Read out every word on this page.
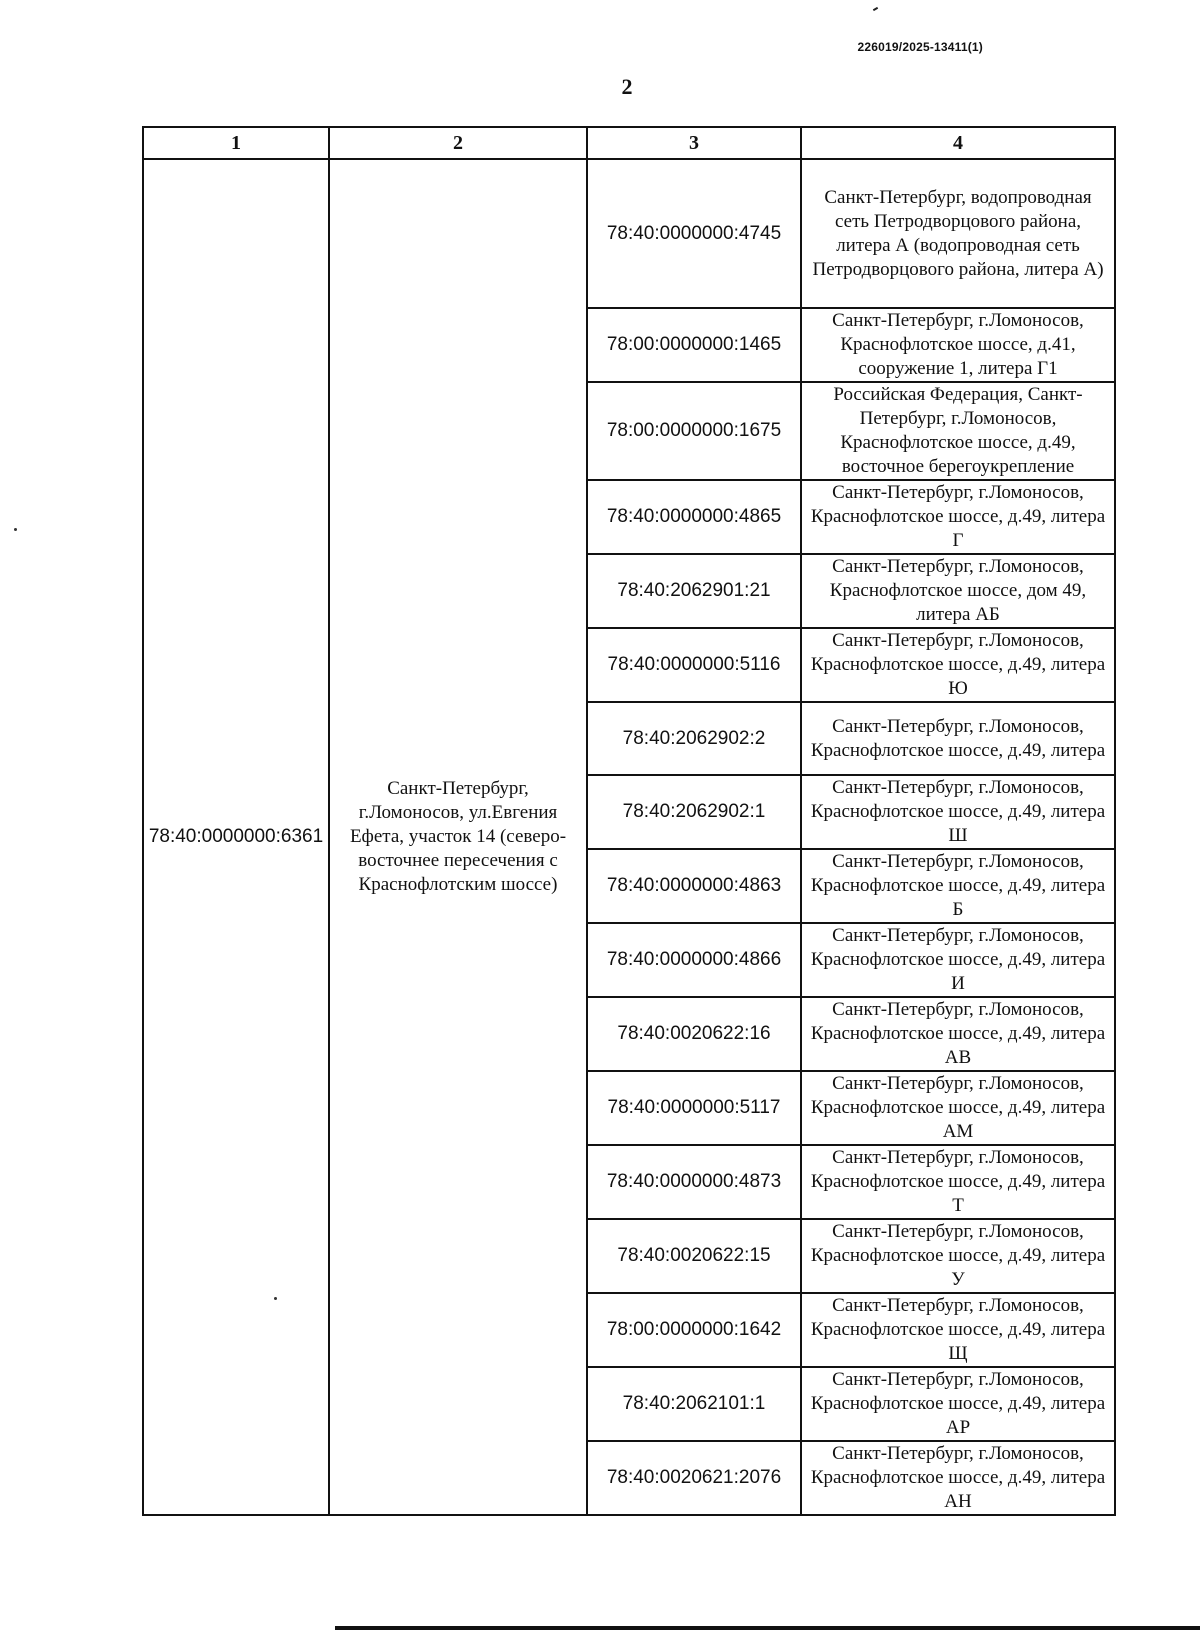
226019/2025-13411(1)
2
1	2	3	4
78:40:0000000:6361	Санкт-Петербург, г.Ломоносов, ул.Евгения Ефета, участок 14 (северо-восточнее пересечения с Краснофлотским шоссе)	78:40:0000000:4745	Санкт-Петербург, водопроводная сеть Петродворцового района, литера А (водопроводная сеть Петродворцового района, литера А)
		78:00:0000000:1465	Санкт-Петербург, г.Ломоносов, Краснофлотское шоссе, д.41, сооружение 1, литера Г1
		78:00:0000000:1675	Российская Федерация, Санкт-Петербург, г.Ломоносов, Краснофлотское шоссе, д.49, восточное берегоукрепление
		78:40:0000000:4865	Санкт-Петербург, г.Ломоносов, Краснофлотское шоссе, д.49, литера Г
		78:40:2062901:21	Санкт-Петербург, г.Ломоносов, Краснофлотское шоссе, дом 49, литера АБ
		78:40:0000000:5116	Санкт-Петербург, г.Ломоносов, Краснофлотское шоссе, д.49, литера Ю
		78:40:2062902:2	Санкт-Петербург, г.Ломоносов, Краснофлотское шоссе, д.49, литера
		78:40:2062902:1	Санкт-Петербург, г.Ломоносов, Краснофлотское шоссе, д.49, литера Ш
		78:40:0000000:4863	Санкт-Петербург, г.Ломоносов, Краснофлотское шоссе, д.49, литера Б
		78:40:0000000:4866	Санкт-Петербург, г.Ломоносов, Краснофлотское шоссе, д.49, литера И
		78:40:0020622:16	Санкт-Петербург, г.Ломоносов, Краснофлотское шоссе, д.49, литера АВ
		78:40:0000000:5117	Санкт-Петербург, г.Ломоносов, Краснофлотское шоссе, д.49, литера АМ
		78:40:0000000:4873	Санкт-Петербург, г.Ломоносов, Краснофлотское шоссе, д.49, литера Т
		78:40:0020622:15	Санкт-Петербург, г.Ломоносов, Краснофлотское шоссе, д.49, литера У
		78:00:0000000:1642	Санкт-Петербург, г.Ломоносов, Краснофлотское шоссе, д.49, литера Щ
		78:40:2062101:1	Санкт-Петербург, г.Ломоносов, Краснофлотское шоссе, д.49, литера АР
		78:40:0020621:2076	Санкт-Петербург, г.Ломоносов, Краснофлотское шоссе, д.49, литера АН
